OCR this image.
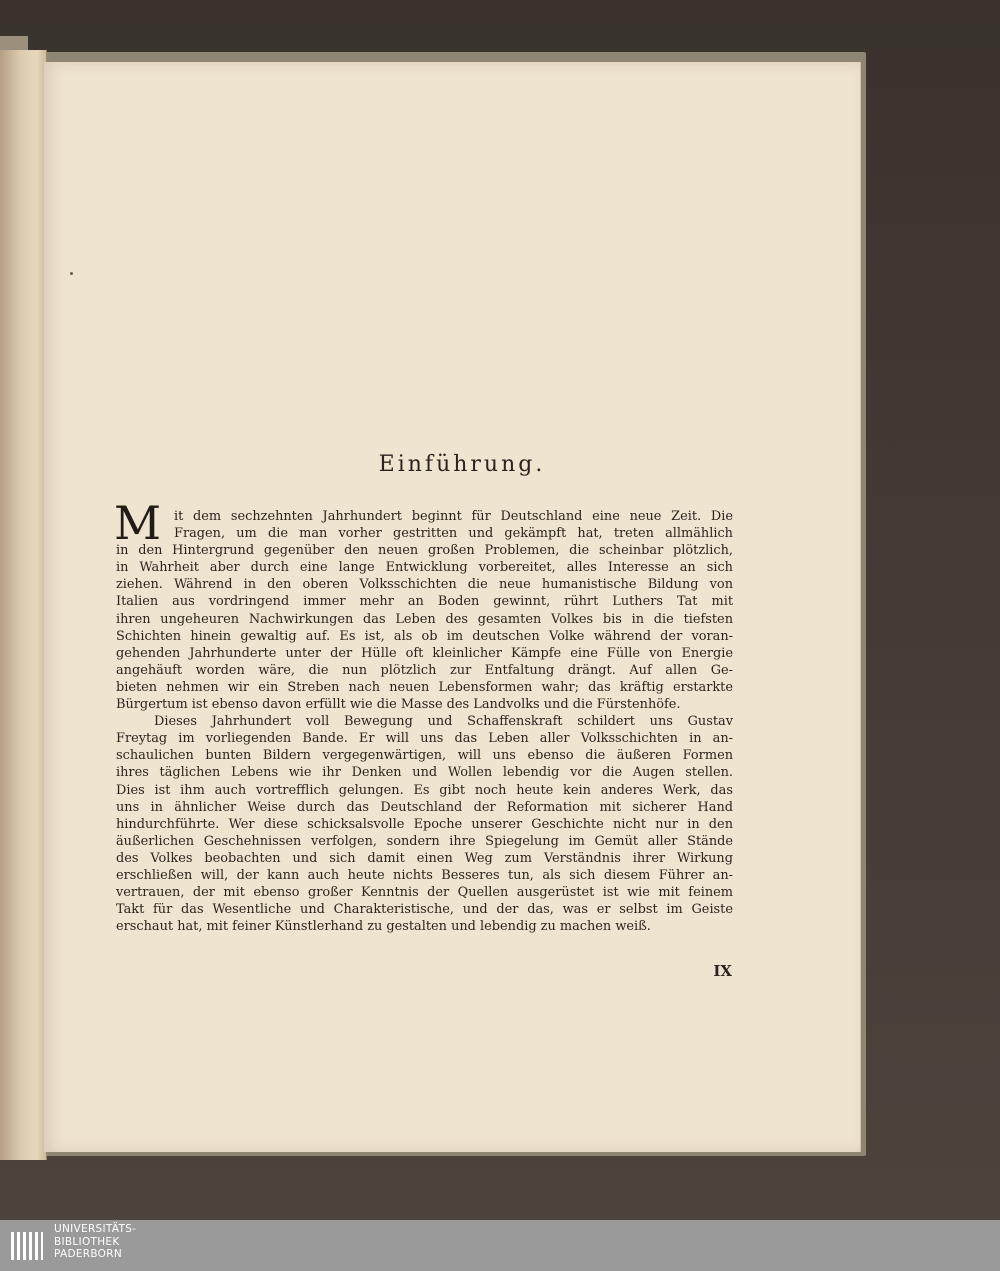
Einführung.
M it dem sechzehnten Jahrhundert beginnt für Deutschland eine neue Zeit. Die
Fragen, um die man vorher gestritten und gekämpft hat, treten allmählich
in den Hintergrund gegenüber den neuen großen Problemen, die scheinbar plötzlich,
in Wahrheit aber durch eine lange Entwicklung vorbereitet, alles Interesse an sich
ziehen. Während in den oberen Volksschichten die neue humanistische Bildung von
Italien aus vordringend immer mehr an Boden gewinnt, rührt Luthers Tat mit
ihren ungeheuren Nachwirkungen das Leben des gesamten Volkes bis in die tiefsten
Schichten hinein gewaltig auf. Es ist, als ob im deutschen Volke während der voran-
gehenden Jahrhunderte unter der Hülle oft kleinlicher Kämpfe eine Fülle von Energie
angehäuft worden wäre, die nun plötzlich zur Entfaltung drängt. Auf allen Ge-
bieten nehmen wir ein Streben nach neuen Lebensformen wahr; das kräftig erstarkte
Bürgertum ist ebenso davon erfüllt wie die Masse des Landvolks und die Fürstenhöfe.
Dieses Jahrhundert voll Bewegung und Schaffenskraft schildert uns Gustav
Freytag im vorliegenden Bande. Er will uns das Leben aller Volksschichten in an-
schaulichen bunten Bildern vergegenwärtigen, will uns ebenso die äußeren Formen
ihres täglichen Lebens wie ihr Denken und Wollen lebendig vor die Augen stellen.
Dies ist ihm auch vortrefflich gelungen. Es gibt noch heute kein anderes Werk, das
uns in ähnlicher Weise durch das Deutschland der Reformation mit sicherer Hand
hindurchführte. Wer diese schicksalsvolle Epoche unserer Geschichte nicht nur in den
äußerlichen Geschehnissen verfolgen, sondern ihre Spiegelung im Gemüt aller Stände
des Volkes beobachten und sich damit einen Weg zum Verständnis ihrer Wirkung
erschließen will, der kann auch heute nichts Besseres tun, als sich diesem Führer an-
vertrauen, der mit ebenso großer Kenntnis der Quellen ausgerüstet ist wie mit feinem
Takt für das Wesentliche und Charakteristische, und der das, was er selbst im Geiste
erschaut hat, mit feiner Künstlerhand zu gestalten und lebendig zu machen weiß.
IX
UNIVERSITÄTS-
BIBLIOTHEK
PADERBORN
